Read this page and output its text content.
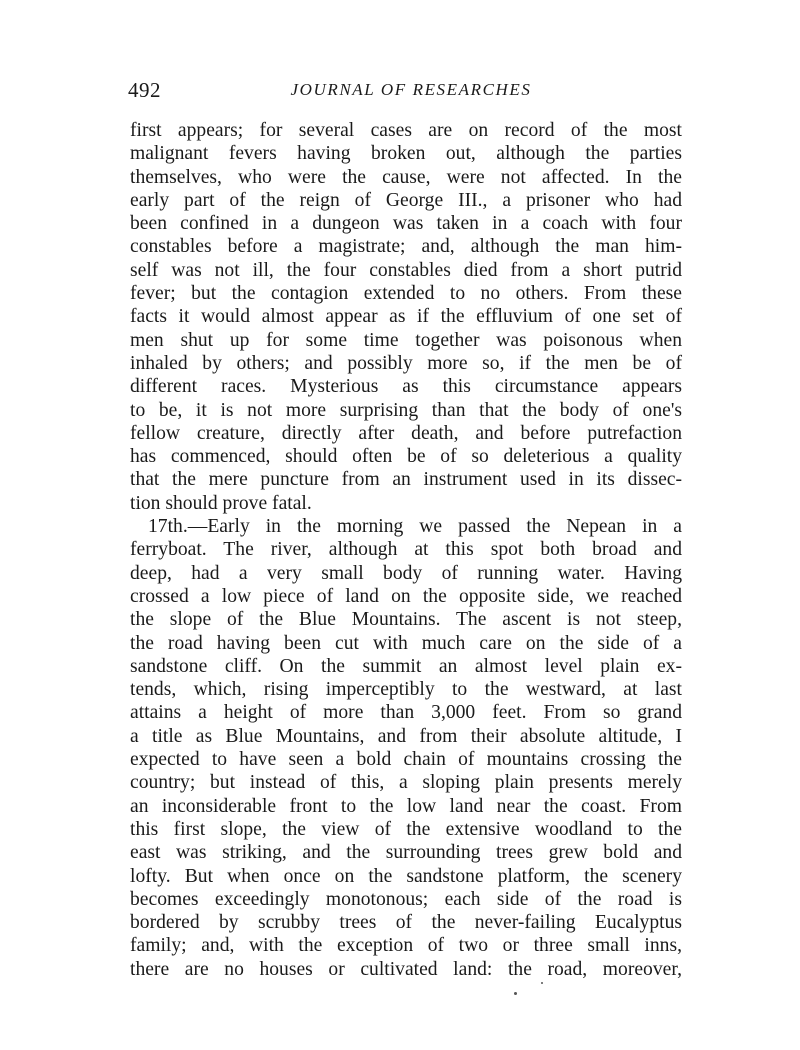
492	JOURNAL OF RESEARCHES
first appears; for several cases are on record of the most
malignant fevers having broken out, although the parties
themselves, who were the cause, were not affected. In the
early part of the reign of George III., a prisoner who had
been confined in a dungeon was taken in a coach with four
constables before a magistrate; and, although the man him-
self was not ill, the four constables died from a short putrid
fever; but the contagion extended to no others. From these
facts it would almost appear as if the effluvium of one set of
men shut up for some time together was poisonous when
inhaled by others; and possibly more so, if the men be of
different races. Mysterious as this circumstance appears
to be, it is not more surprising than that the body of one's
fellow creature, directly after death, and before putrefaction
has commenced, should often be of so deleterious a quality
that the mere puncture from an instrument used in its dissec-
tion should prove fatal.
17th.—Early in the morning we passed the Nepean in a
ferryboat. The river, although at this spot both broad and
deep, had a very small body of running water. Having
crossed a low piece of land on the opposite side, we reached
the slope of the Blue Mountains. The ascent is not steep,
the road having been cut with much care on the side of a
sandstone cliff. On the summit an almost level plain ex-
tends, which, rising imperceptibly to the westward, at last
attains a height of more than 3,000 feet. From so grand
a title as Blue Mountains, and from their absolute altitude, I
expected to have seen a bold chain of mountains crossing the
country; but instead of this, a sloping plain presents merely
an inconsiderable front to the low land near the coast. From
this first slope, the view of the extensive woodland to the
east was striking, and the surrounding trees grew bold and
lofty. But when once on the sandstone platform, the scenery
becomes exceedingly monotonous; each side of the road is
bordered by scrubby trees of the never-failing Eucalyptus
family; and, with the exception of two or three small inns,
there are no houses or cultivated land: the road, moreover,
